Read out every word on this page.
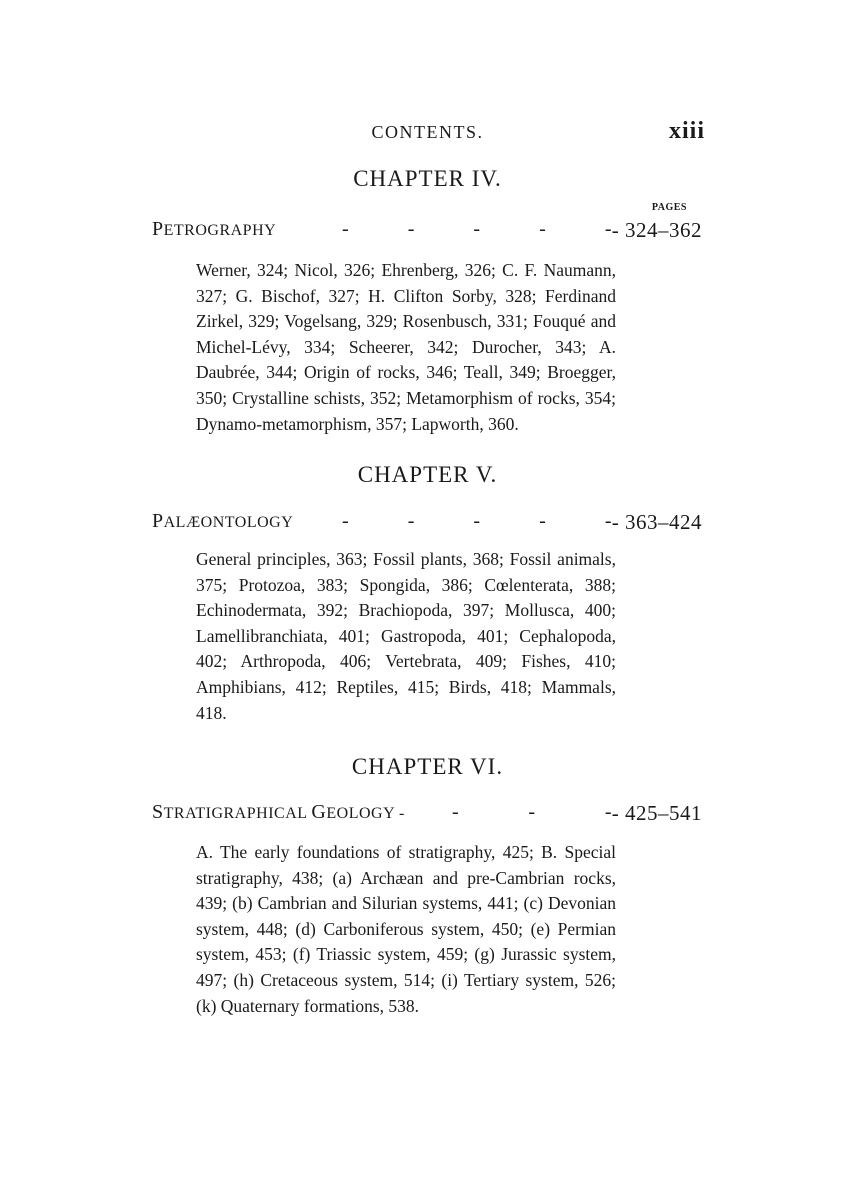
CONTENTS.	xiii
CHAPTER IV.
PAGES
PETROGRAPHY	-	-	-	-	- - 324–362

Werner, 324; Nicol, 326; Ehrenberg, 326; C. F. Naumann, 327; G. Bischof, 327; H. Clifton Sorby, 328; Ferdinand Zirkel, 329; Vogelsang, 329; Rosenbusch, 331; Fouqué and Michel-Lévy, 334; Scheerer, 342; Durocher, 343; A. Daubrée, 344; Origin of rocks, 346; Teall, 349; Broegger, 350; Crystalline schists, 352; Metamorphism of rocks, 354; Dynamo-metamorphism, 357; Lapworth, 360.

CHAPTER V.
PALÆONTOLOGY -	-	-	-	- - 363–424

General principles, 363; Fossil plants, 368; Fossil animals, 375; Protozoa, 383; Spongida, 386; Cœlenterata, 388; Echinodermata, 392; Brachiopoda, 397; Mollusca, 400; Lamellibranchiata, 401; Gastropoda, 401; Cephalopoda, 402; Arthropoda, 406; Vertebrata, 409; Fishes, 410; Amphibians, 412; Reptiles, 415; Birds, 418; Mammals, 418.

CHAPTER VI.
STRATIGRAPHICAL GEOLOGY - -	-	- - 425–541

A. The early foundations of stratigraphy, 425; B. Special stratigraphy, 438; (a) Archæan and pre-Cambrian rocks, 439; (b) Cambrian and Silurian systems, 441; (c) Devonian system, 448; (d) Carboniferous system, 450; (e) Permian system, 453; (f) Triassic system, 459; (g) Jurassic system, 497; (h) Cretaceous system, 514; (i) Tertiary system, 526; (k) Quaternary formations, 538.
